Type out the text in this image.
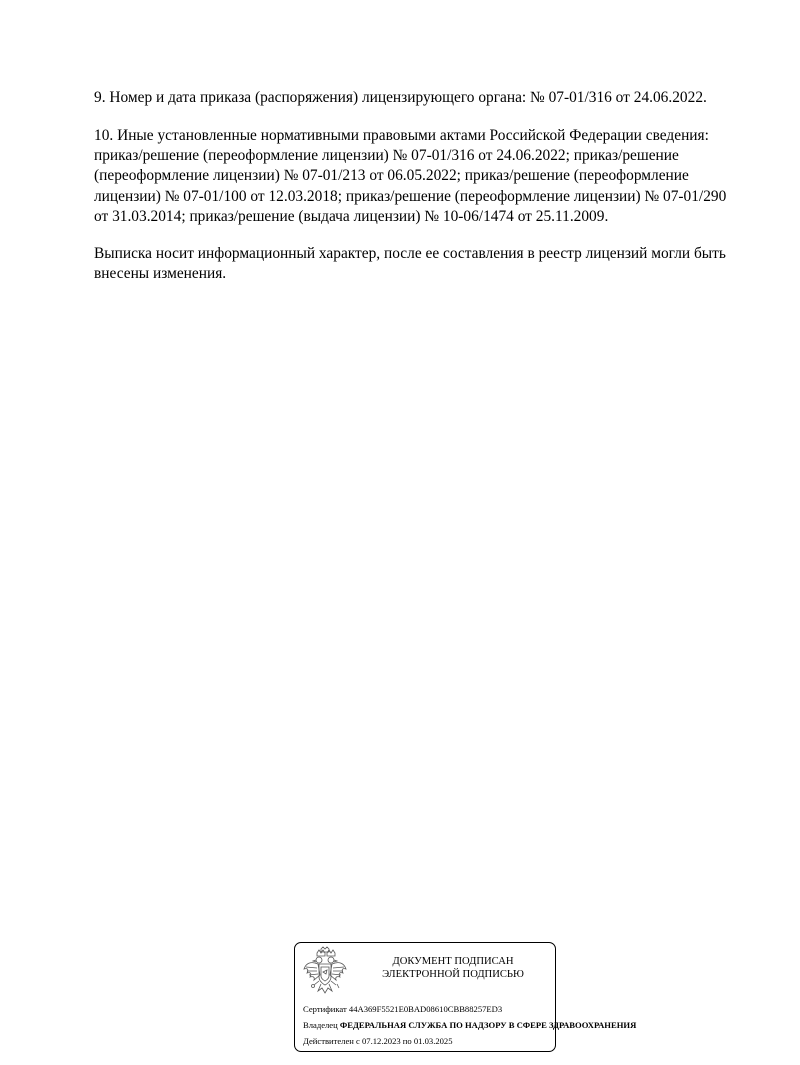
9. Номер и дата приказа (распоряжения) лицензирующего органа: № 07-01/316 от 24.06.2022.

10. Иные установленные нормативными правовыми актами Российской Федерации сведения:
приказ/решение (переоформление лицензии) № 07-01/316 от 24.06.2022; приказ/решение
(переоформление лицензии) № 07-01/213 от 06.05.2022; приказ/решение (переоформление
лицензии) № 07-01/100 от 12.03.2018; приказ/решение (переоформление лицензии) № 07-01/290
от 31.03.2014; приказ/решение (выдача лицензии) № 10-06/1474 от 25.11.2009.

Выписка носит информационный характер, после ее составления в реестр лицензий могли быть
внесены изменения.

ДОКУМЕНТ ПОДПИСАН
ЭЛЕКТРОННОЙ ПОДПИСЬЮ
Сертификат 44A369F5521E0BAD08610CBB88257ED3
Владелец ФЕДЕРАЛЬНАЯ СЛУЖБА ПО НАДЗОРУ В СФЕРЕ ЗДРАВООХРАНЕНИЯ
Действителен с 07.12.2023 по 01.03.2025
